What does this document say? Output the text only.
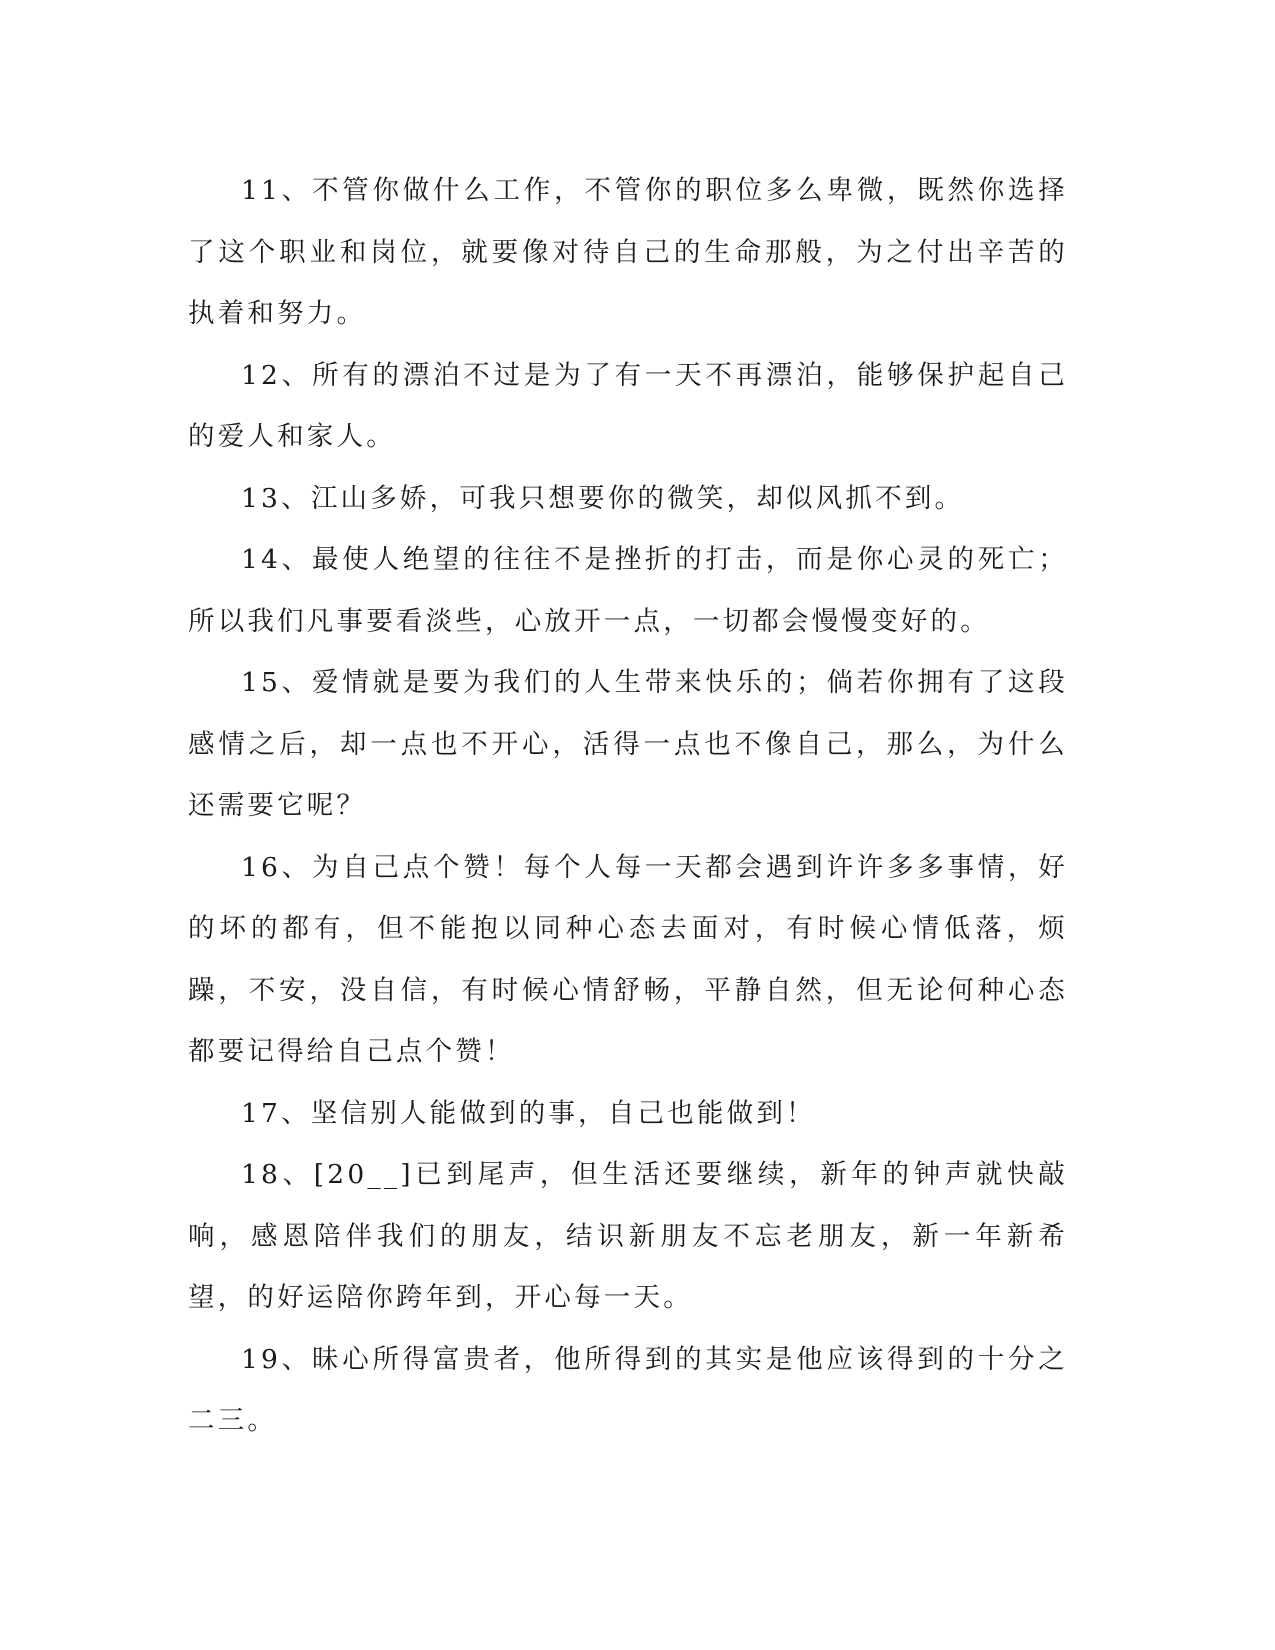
11、不管你做什么工作，不管你的职位多么卑微，既然你选择了这个职业和岗位，就要像对待自己的生命那般，为之付出辛苦的执着和努力。

12、所有的漂泊不过是为了有一天不再漂泊，能够保护起自己的爱人和家人。

13、江山多娇，可我只想要你的微笑，却似风抓不到。

14、最使人绝望的往往不是挫折的打击，而是你心灵的死亡；所以我们凡事要看淡些，心放开一点，一切都会慢慢变好的。

15、爱情就是要为我们的人生带来快乐的；倘若你拥有了这段感情之后，却一点也不开心，活得一点也不像自己，那么，为什么还需要它呢？

16、为自己点个赞！每个人每一天都会遇到许许多多事情，好的坏的都有，但不能抱以同种心态去面对，有时候心情低落，烦躁，不安，没自信，有时候心情舒畅，平静自然，但无论何种心态都要记得给自己点个赞！

17、坚信别人能做到的事，自己也能做到！

18、[20__]已到尾声，但生活还要继续，新年的钟声就快敲响，感恩陪伴我们的朋友，结识新朋友不忘老朋友，新一年新希望，的好运陪你跨年到，开心每一天。

19、昧心所得富贵者，他所得到的其实是他应该得到的十分之二三。
